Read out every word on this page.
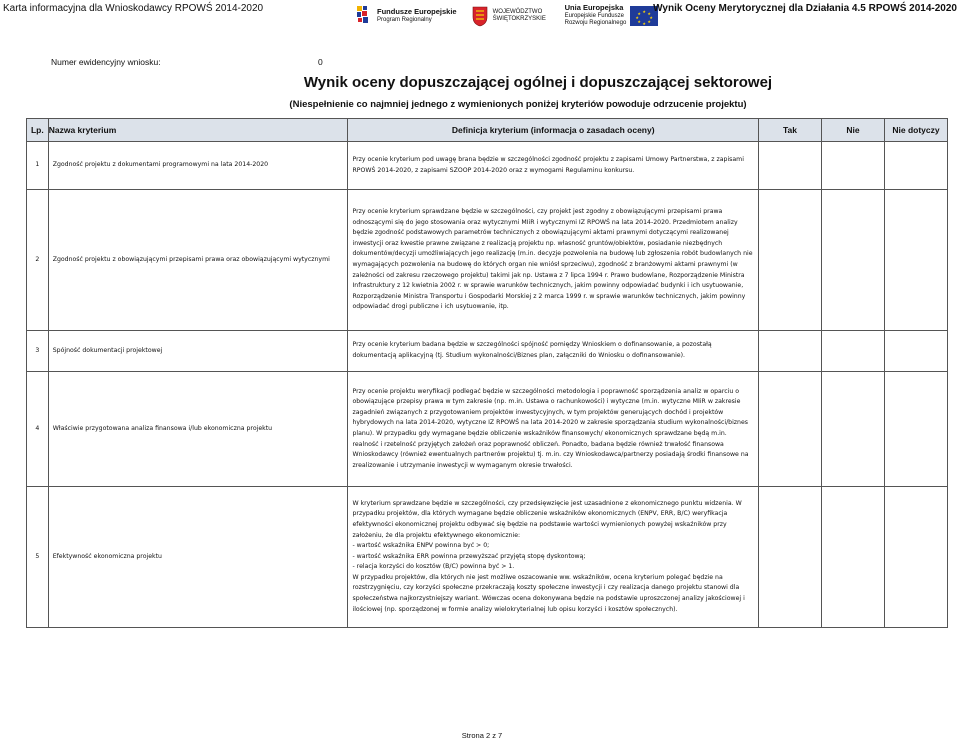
Karta informacyjna dla Wnioskodawcy RPOWŚ 2014-2020	Fundusze Europejskie
Program Regionalny
WOJEWÓDZTWO ŚWIĘTOKRZYSKIE
Unia Europejska
Europejskie Fundusze
Rozwoju Regionalnego
★ ★
★
★
★
★
★
★ Wynik Oceny Merytorycznej dla Działania 4.5 RPOWŚ 2014-2020
Numer ewidencyjny wniosku:	0
Wynik oceny dopuszczającej ogólnej i dopuszczającej sektorowej
(Niespełnienie co najmniej jednego z wymienionych poniżej kryteriów powoduje odrzucenie projektu)
Lp.	Nazwa kryterium	Definicja kryterium (informacja o zasadach oceny)	Tak	Nie	Nie dotyczy
1	Zgodność projektu z dokumentami programowymi na lata 2014-2020	Przy ocenie kryterium pod uwagę brana będzie w szczególności zgodność projektu z zapisami Umowy Partnerstwa, z zapisami RPOWŚ 2014-2020, z zapisami SZOOP 2014-2020 oraz z wymogami Regulaminu konkursu.			
2	Zgodność projektu z obowiązującymi przepisami prawa oraz obowiązującymi wytycznymi	Przy ocenie kryterium sprawdzane będzie w szczególności, czy projekt jest zgodny z obowiązującymi przepisami prawa odnoszącymi się do jego stosowania oraz wytycznymi MIiR i wytycznymi IZ RPOWŚ na lata 2014-2020. Przedmiotem analizy będzie zgodność podstawowych parametrów technicznych z obowiązującymi aktami prawnymi dotyczącymi realizowanej inwestycji oraz kwestie prawne związane z realizacją projektu np. własność gruntów/obiektów, posiadanie niezbędnych dokumentów/decyzji umożliwiających jego realizację (m.in. decyzje pozwolenia na budowę lub zgłoszenia robót budowlanych nie wymagających pozwolenia na budowę do których organ nie wniósł sprzeciwu), zgodność z branżowymi aktami prawnymi (w zależności od zakresu rzeczowego projektu) takimi jak np. Ustawa z 7 lipca 1994 r. Prawo budowlane, Rozporządzenie Ministra Infrastruktury z 12 kwietnia 2002 r. w sprawie warunków technicznych, jakim powinny odpowiadać budynki i ich usytuowanie, Rozporządzenie Ministra Transportu i Gospodarki Morskiej z 2 marca 1999 r. w sprawie warunków technicznych, jakim powinny odpowiadać drogi publiczne i ich usytuowanie, itp.			
3	Spójność dokumentacji projektowej	Przy ocenie kryterium badana będzie w szczególności spójność pomiędzy Wnioskiem o dofinansowanie, a pozostałą dokumentacją aplikacyjną (tj. Studium wykonalności/Biznes plan, załączniki do Wniosku o dofinansowanie).			
4	Właściwie przygotowana analiza finansowa i/lub ekonomiczna projektu	Przy ocenie projektu weryfikacji podlegać będzie w szczególności metodologia i poprawność sporządzenia analiz w oparciu o obowiązujące przepisy prawa w tym zakresie (np. m.in. Ustawa o rachunkowości) i wytyczne (m.in. wytyczne MIiR w zakresie zagadnień związanych z przygotowaniem projektów inwestycyjnych, w tym projektów generujących dochód i projektów hybrydowych na lata 2014-2020, wytyczne IZ RPOWŚ na lata 2014-2020 w zakresie sporządzania studium wykonalności/biznes planu). W przypadku gdy wymagane będzie obliczenie wskaźników finansowych/ ekonomicznych sprawdzane będą m.in. realność i rzetelność przyjętych założeń oraz poprawność obliczeń. Ponadto, badana będzie również trwałość finansowa Wnioskodawcy (również ewentualnych partnerów projektu) tj. m.in. czy Wnioskodawca/partnerzy posiadają środki finansowe na zrealizowanie i utrzymanie inwestycji w wymaganym okresie trwałości.			
5	Efektywność ekonomiczna projektu	W kryterium sprawdzane będzie w szczególności, czy przedsięwzięcie jest uzasadnione z ekonomicznego punktu widzenia. W przypadku projektów, dla których wymagane będzie obliczenie wskaźników ekonomicznych (ENPV, ERR, B/C) weryfikacja efektywności ekonomicznej projektu odbywać się będzie na podstawie wartości wymienionych powyżej wskaźników przy założeniu, że dla projektu efektywnego ekonomicznie:
- wartość wskaźnika ENPV powinna być > 0;
- wartość wskaźnika ERR powinna przewyższać przyjętą stopę dyskontową;
- relacja korzyści do kosztów (B/C) powinna być > 1.
W przypadku projektów, dla których nie jest możliwe oszacowanie ww. wskaźników, ocena kryterium polegać będzie na rozstrzygnięciu, czy korzyści społeczne przekraczają koszty społeczne inwestycji i czy realizacja danego projektu stanowi dla społeczeństwa najkorzystniejszy wariant. Wówczas ocena dokonywana będzie na podstawie uproszczonej analizy jakościowej i ilościowej (np. sporządzonej w formie analizy wielokryterialnej lub opisu korzyści i kosztów społecznych).			
Strona 2 z 7
